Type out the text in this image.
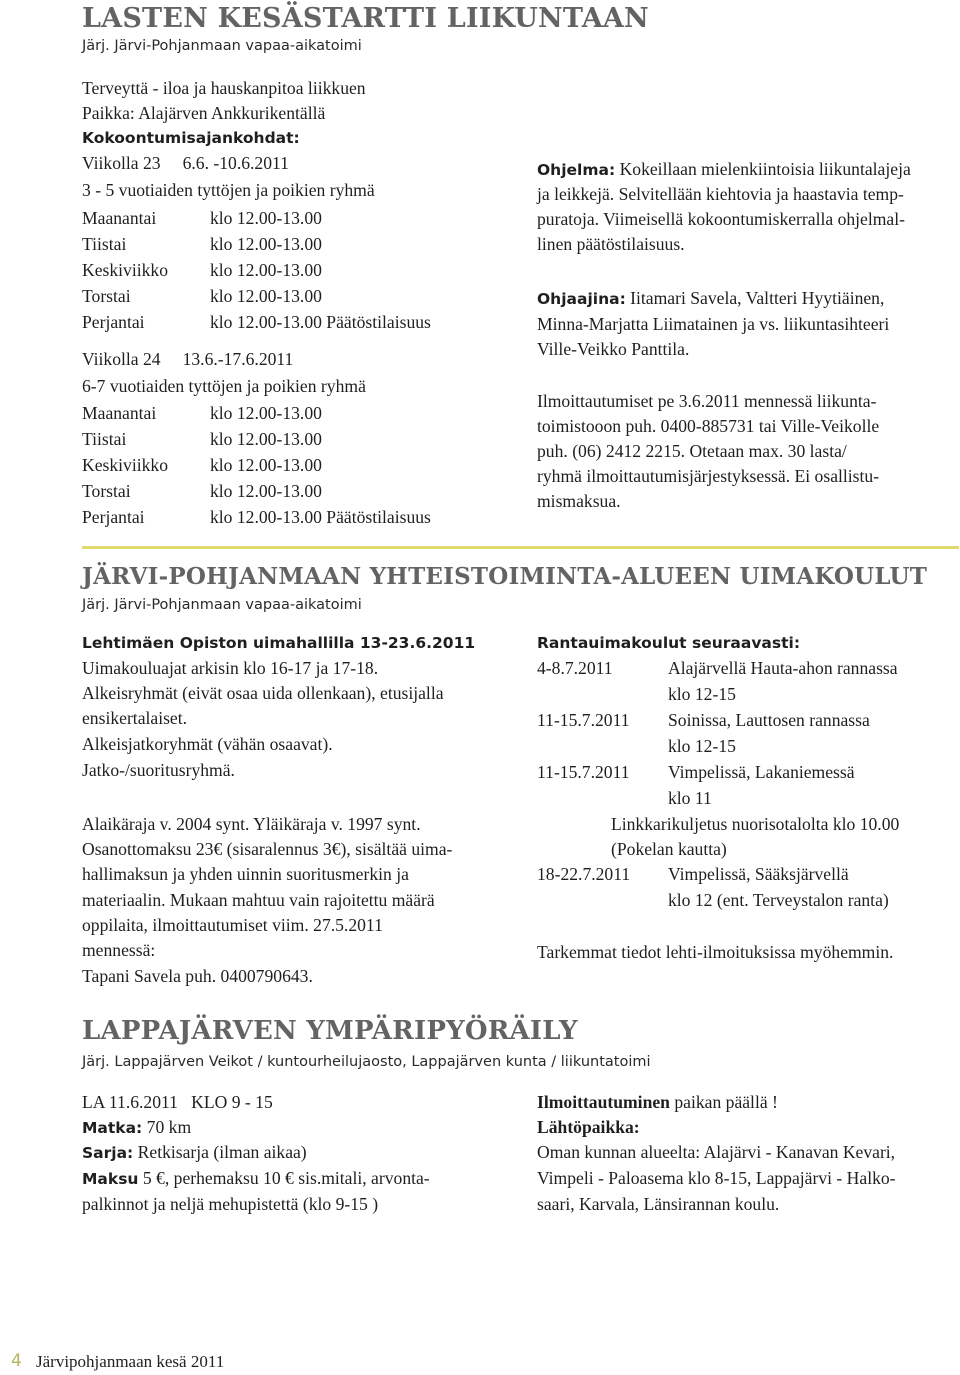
LASTEN KESÄSTARTTI LIIKUNTAAN
Järj. Järvi-Pohjanmaan vapaa-aikatoimi
Terveyttä - iloa ja hauskanpitoa liikkuen
Paikka: Alajärven Ankkurikentällä
Kokoontumisajankohdat:
Viikolla 23     6.6. -10.6.2011
3 - 5 vuotiaiden tyttöjen ja poikien ryhmä
Maanantai	klo 12.00-13.00
Tiistai	klo 12.00-13.00
Keskiviikko klo 12.00-13.00
Torstai	klo 12.00-13.00
Perjantai	klo 12.00-13.00 Päätöstilaisuus
Viikolla 24     13.6.-17.6.2011
6-7 vuotiaiden tyttöjen ja poikien ryhmä
Maanantai	klo 12.00-13.00
Tiistai	klo 12.00-13.00
Keskiviikko klo 12.00-13.00
Torstai	klo 12.00-13.00
Perjantai	klo 12.00-13.00 Päätöstilaisuus
Ohjelma: Kokeillaan mielenkiintoisia liikuntalajeja
ja leikkejä. Selvitellään kiehtovia ja haastavia temp-
puratoja. Viimeisellä kokoontumiskerralla ohjelmal-
linen päätöstilaisuus.
Ohjaajina: Iitamari Savela, Valtteri Hyytiäinen,
Minna-Marjatta Liimatainen ja vs. liikuntasihteeri
Ville-Veikko Panttila.
Ilmoittautumiset pe 3.6.2011 mennessä liikunta-
toimistooon puh. 0400-885731 tai Ville-Veikolle
puh. (06) 2412 2215. Otetaan max. 30 lasta/
ryhmä ilmoittautumisjärjestyksessä. Ei osallistu-
mismaksua.
JÄRVI-POHJANMAAN YHTEISTOIMINTA-ALUEEN UIMAKOULUT
Järj. Järvi-Pohjanmaan vapaa-aikatoimi
Lehtimäen Opiston uimahallilla 13-23.6.2011
Uimakouluajat arkisin klo 16-17 ja 17-18.
Alkeisryhmät (eivät osaa uida ollenkaan), etusijalla
ensikertalaiset.
Alkeisjatkoryhmät (vähän osaavat).
Jatko-/suoritusryhmä.
Alaikäraja v. 2004 synt. Yläikäraja v. 1997 synt.
Osanottomaksu 23€ (sisaralennus 3€), sisältää uima-
hallimaksun ja yhden uinnin suoritusmerkin ja
materiaalin. Mukaan mahtuu vain rajoitettu määrä
oppilaita, ilmoittautumiset viim. 27.5.2011
mennessä:
Tapani Savela puh. 0400790643.
Rantauimakoulut seuraavasti:
4-8.7.2011	Alajärvellä Hauta-ahon rannassa
klo 12-15
11-15.7.2011 Soinissa, Lauttosen rannassa
klo 12-15
11-15.7.2011 Vimpelissä, Lakaniemessä
klo 11
Linkkarikuljetus nuorisotalolta klo 10.00
(Pokelan kautta)
18-22.7.2011 Vimpelissä, Sääksjärvellä
klo 12 (ent. Terveystalon ranta)
Tarkemmat tiedot lehti-ilmoituksissa myöhemmin.
LAPPAJÄRVEN YMPÄRIPYÖRÄILY
Järj. Lappajärven Veikot / kuntourheilujaosto, Lappajärven kunta / liikuntatoimi
LA 11.6.2011   KLO 9 - 15
Matka: 70 km
Sarja: Retkisarja (ilman aikaa)
Maksu 5 €, perhemaksu 10 € sis.mitali, arvonta-
palkinnot ja neljä mehupistettä (klo 9-15 )
Ilmoittautuminen paikan päällä !
Lähtöpaikka:
Oman kunnan alueelta: Alajärvi - Kanavan Kevari,
Vimpeli - Paloasema klo 8-15, Lappajärvi - Halko-
saari, Karvala, Länsirannan koulu.
4 Järvipohjanmaan kesä 2011
